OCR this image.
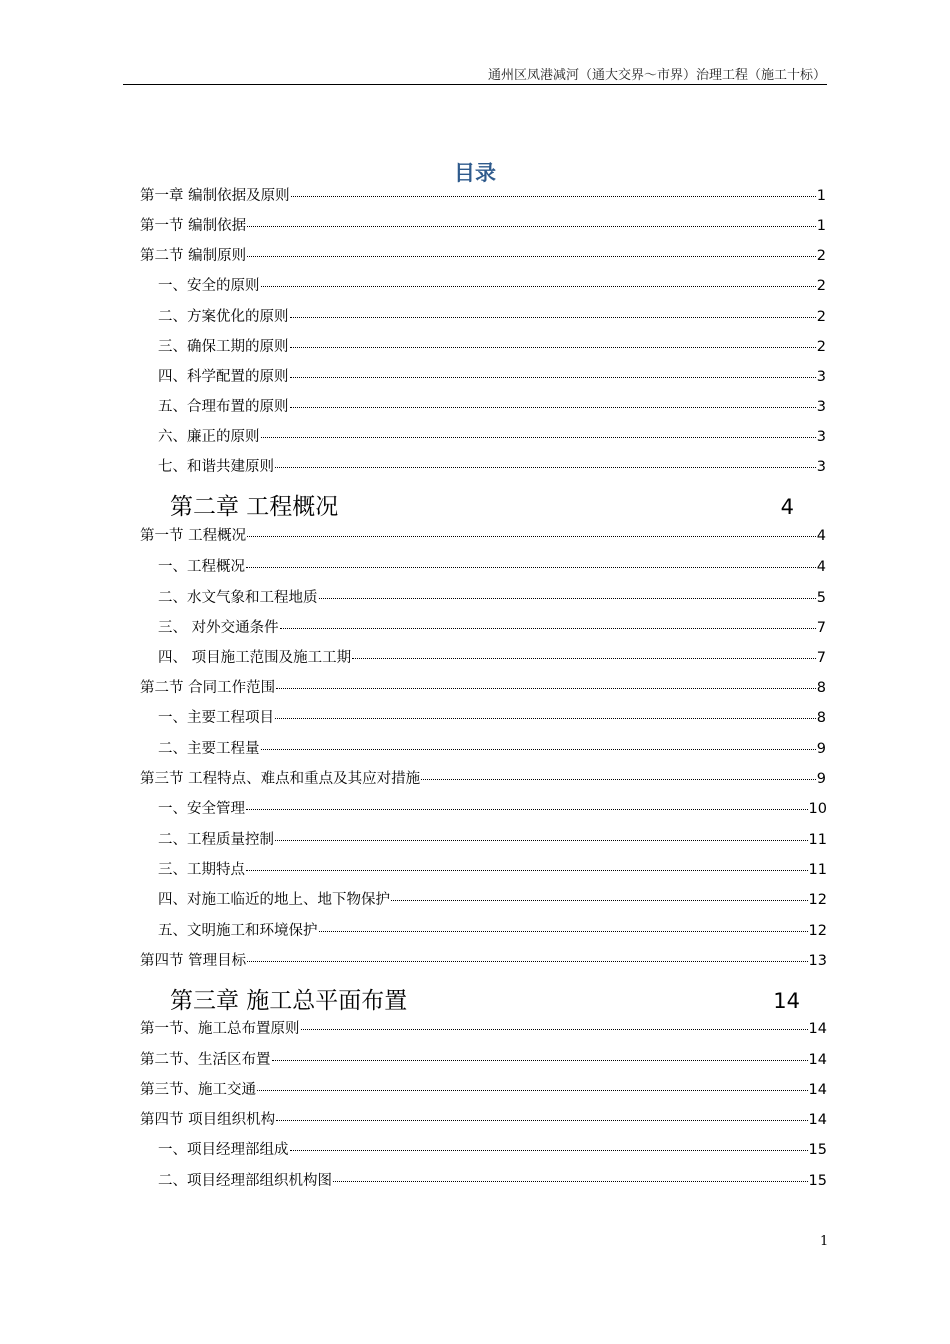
通州区凤港减河（通大交界～市界）治理工程（施工十标）
目录
第一章 编制依据及原则	1
第一节 编制依据	1
第二节 编制原则	2
一、安全的原则	2
二、方案优化的原则	2
三、确保工期的原则	2
四、科学配置的原则	3
五、合理布置的原则	3
六、廉正的原则	3
七、和谐共建原则	3
第二章 工程概况	4
第一节 工程概况	4
一、工程概况	4
二、水文气象和工程地质	5
三、 对外交通条件	7
四、 项目施工范围及施工工期	7
第二节 合同工作范围	8
一、主要工程项目	8
二、主要工程量	9
第三节 工程特点、难点和重点及其应对措施	9
一、安全管理	10
二、工程质量控制	11
三、工期特点	11
四、对施工临近的地上、地下物保护	12
五、文明施工和环境保护	12
第四节 管理目标	13
第三章 施工总平面布置	14
第一节、施工总布置原则	14
第二节、生活区布置	14
第三节、施工交通	14
第四节 项目组织机构	14
一、项目经理部组成	15
二、项目经理部组织机构图	15
1
